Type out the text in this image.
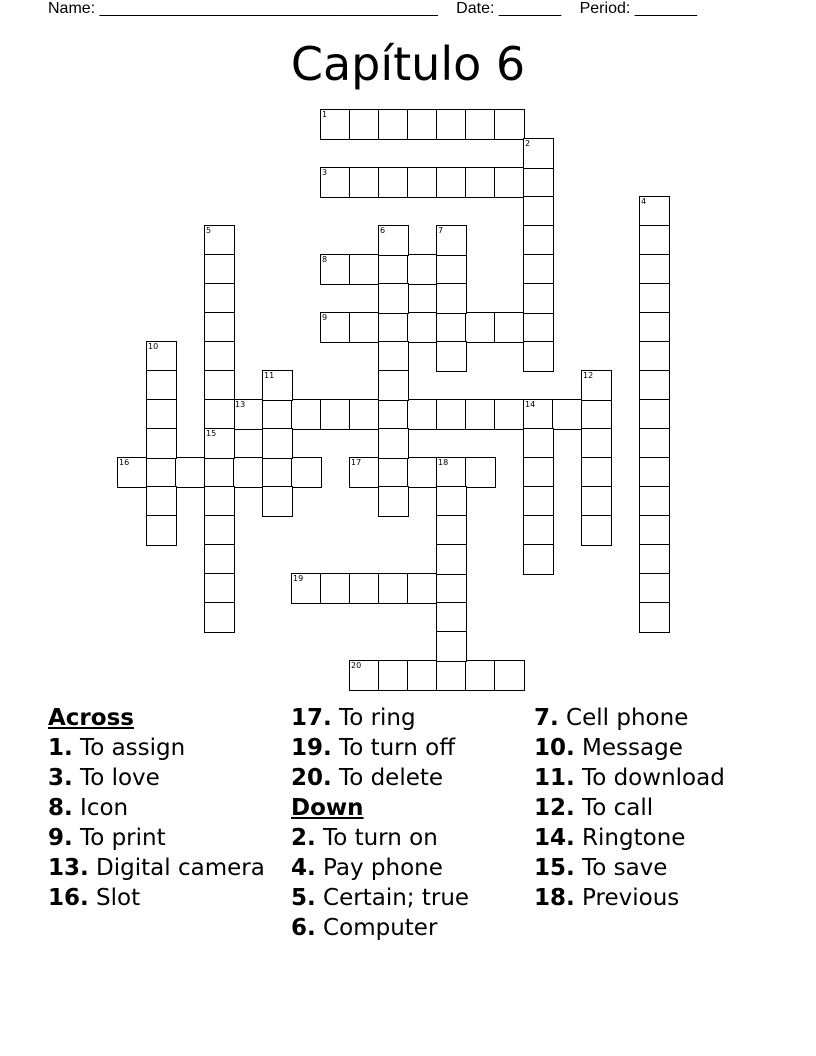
Name: ______________________________________ Date: _______ Period: _______
Capítulo 6
1
3
8
9
13	14
16	17	18
19
20
2
4
5	6	7
10
11	12
15
Across
1. To assign
3. To love
8. Icon
9. To print
13. Digital camera
16. Slot
17. To ring
19. To turn off
20. To delete
Down
2. To turn on
4. Pay phone
5. Certain; true
6. Computer
7. Cell phone
10. Message
11. To download
12. To call
14. Ringtone
15. To save
18. Previous
